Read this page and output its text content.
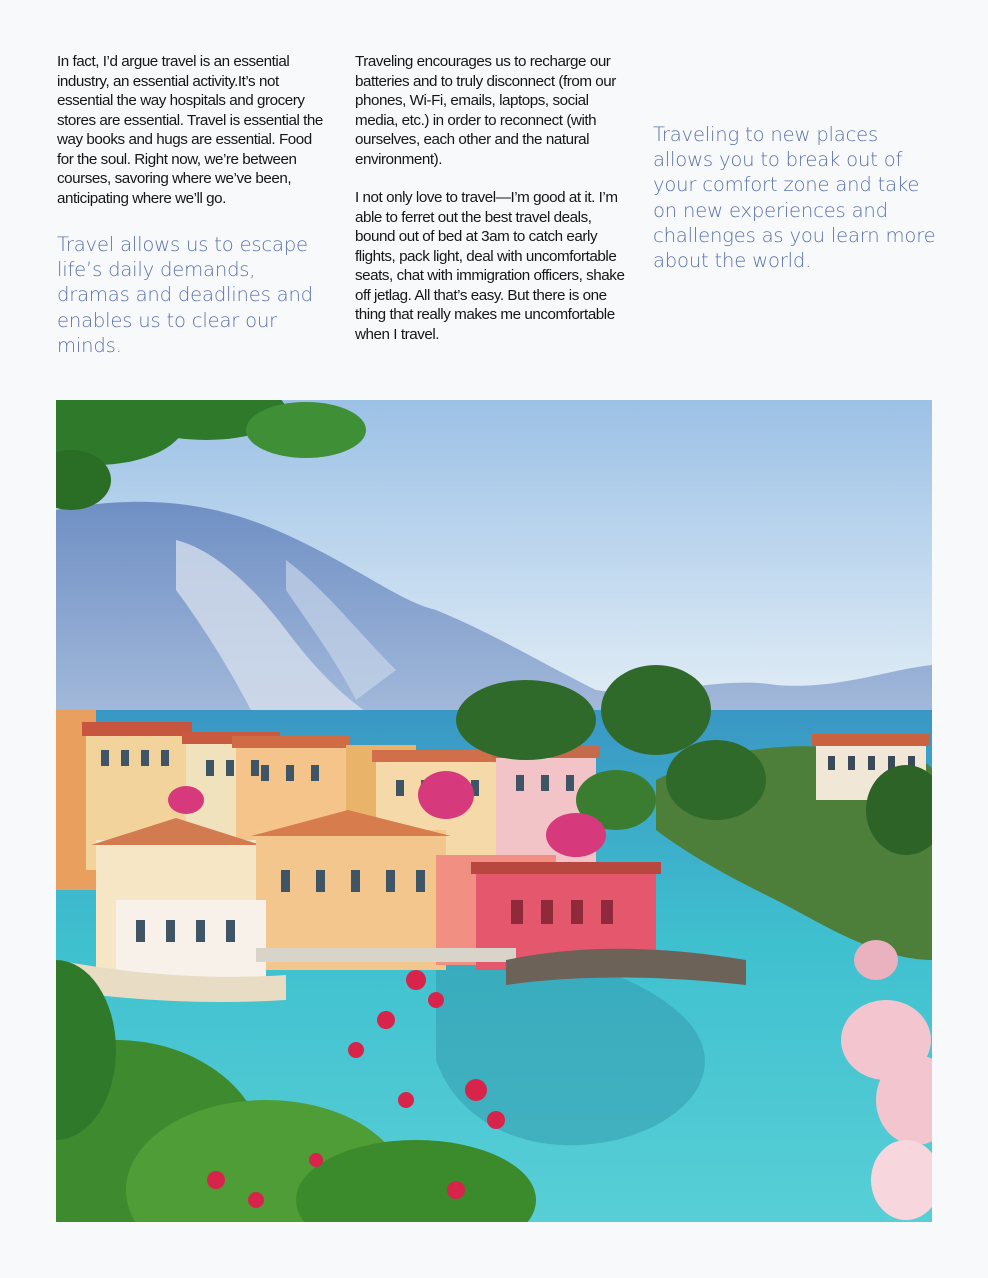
In fact, I’d argue travel is an essential industry, an essential activity.It’s not essential the way hospitals and grocery stores are essential. Travel is essential the way books and hugs are essential. Food for the soul. Right now, we’re between courses, savoring where we’ve been, anticipating where we’ll go.

Travel allows us to escape life’s daily demands, dramas and deadlines and enables us to clear our minds.

Traveling encourages us to recharge our batteries and to truly disconnect (from our phones, Wi-Fi, emails, laptops, social media, etc.) in order to reconnect (with ourselves, each other and the natural environment).

I not only love to travel—I’m good at it. I’m able to ferret out the best travel deals, bound out of bed at 3am to catch early flights, pack light, deal with uncomfortable seats, chat with immigration officers, shake off jetlag. All that’s easy. But there is one thing that really makes me uncomfortable when I travel.

Traveling to new places allows you to break out of your comfort zone and take on new experiences and challenges as you learn more about the world.
